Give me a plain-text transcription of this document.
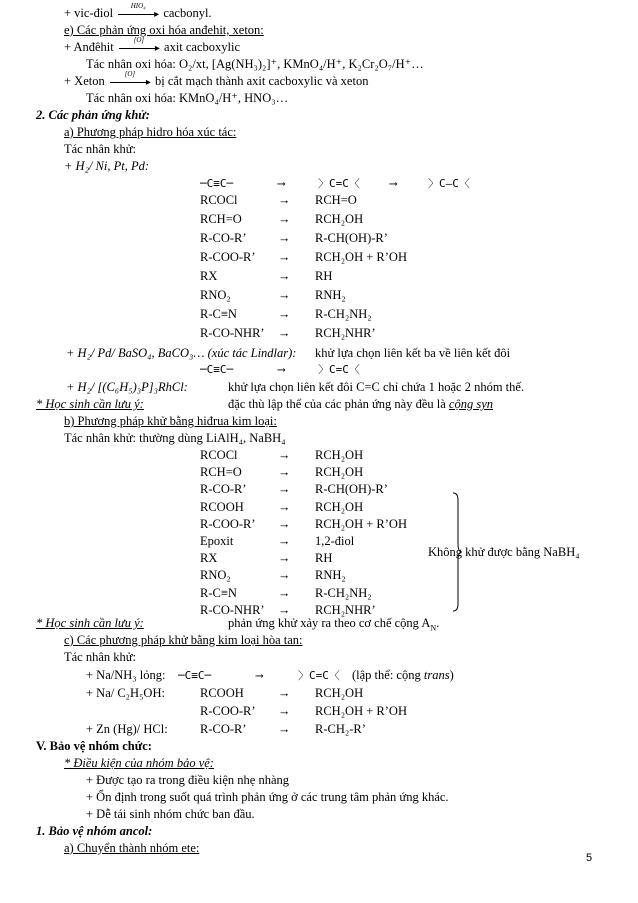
+ vic-điol	HIO₄
▸ cacbonyl.
e) Các phản ứng oxi hóa anđehit, xeton:
+ Anđêhit	[O]
▸ axit cacboxylic
Tác nhân oxi hóa: O₂/xt, [Ag(NH₃)₂]⁺, KMnO₄/H⁺, K₂Cr₂O₇/H⁺…
+ Xeton	[O]
▸ bị cắt mạch thành axit cacboxylic và xeton
Tác nhân oxi hóa: KMnO₄/H⁺, HNO₃…
2. Các phản ứng khử:
a) Phương pháp hidro hóa xúc tác:
Tác nhân khử:
+ H₂/ Ni, Pt, Pd:
─C≡C─	⟶	〉C=C〈	⟶	〉C–C〈
RCOCl	→ RCH=O
RCH=O	→ RCH₂OH
R-CO-R’	→ R-CH(OH)-R’
R-COO-R’ → RCH₂OH + R’OH
RX	→ RH
RNO₂	→ RNH₂
R-C≡N	→ R-CH₂NH₂
R-CO-NHR’ → RCH₂NHR’
+ H₂/ Pd/ BaSO₄, BaCO₃… (xúc tác Lindlar): khử lựa chọn liên kết ba về liên kết đôi
─C≡C─	⟶	〉C=C〈
+ H₂/ [(C₆H₅)₃P]₃RhCl:	khử lựa chọn liên kết đôi C=C chỉ chứa 1 hoặc 2 nhóm thế.
* Học sinh cần lưu ý:	đặc thù lập thể của các phản ứng này đều là cộng syn
b) Phương pháp khử bằng hiđrua kim loại:
Tác nhân khử: thường dùng LiAlH₄, NaBH₄
RCOCl	→ RCH₂OH
RCH=O	→ RCH₂OH
R-CO-R’	→ R-CH(OH)-R’
RCOOH	→ RCH₂OH
R-COO-R’ → RCH₂OH + R’OH
Epoxit	→ 1,2-điol
RX	→ RH
RNO₂	→ RNH₂
R-C≡N	→ R-CH₂NH₂
R-CO-NHR’ → RCH₂NHR’
Không khử được bằng NaBH₄
* Học sinh cần lưu ý:	phản ứng khử xảy ra theo cơ chế cộng $A_N$.
c) Các phương pháp khử bằng kim loại hòa tan:
Tác nhân khử:
+ Na/NH₃ lỏng: ─C≡C─	⟶	〉C=C〈 (lập thể: cộng trans)
+ Na/ C₂H₅OH:	RCOOH	→ RCH₂OH
R-COO-R’ → RCH₂OH + R’OH
+ Zn (Hg)/ HCl:	R-CO-R’	→ R-CH₂-R’
V. Bảo vệ nhóm chức:
* Điều kiện của nhóm bảo vệ:
+ Được tạo ra trong điều kiện nhẹ nhàng
+ Ổn định trong suốt quá trình phản ứng ở các trung tâm phản ứng khác.
+ Dễ tái sinh nhóm chức ban đầu.
1. Bảo vệ nhóm ancol:
a) Chuyển thành nhóm ete:
5
